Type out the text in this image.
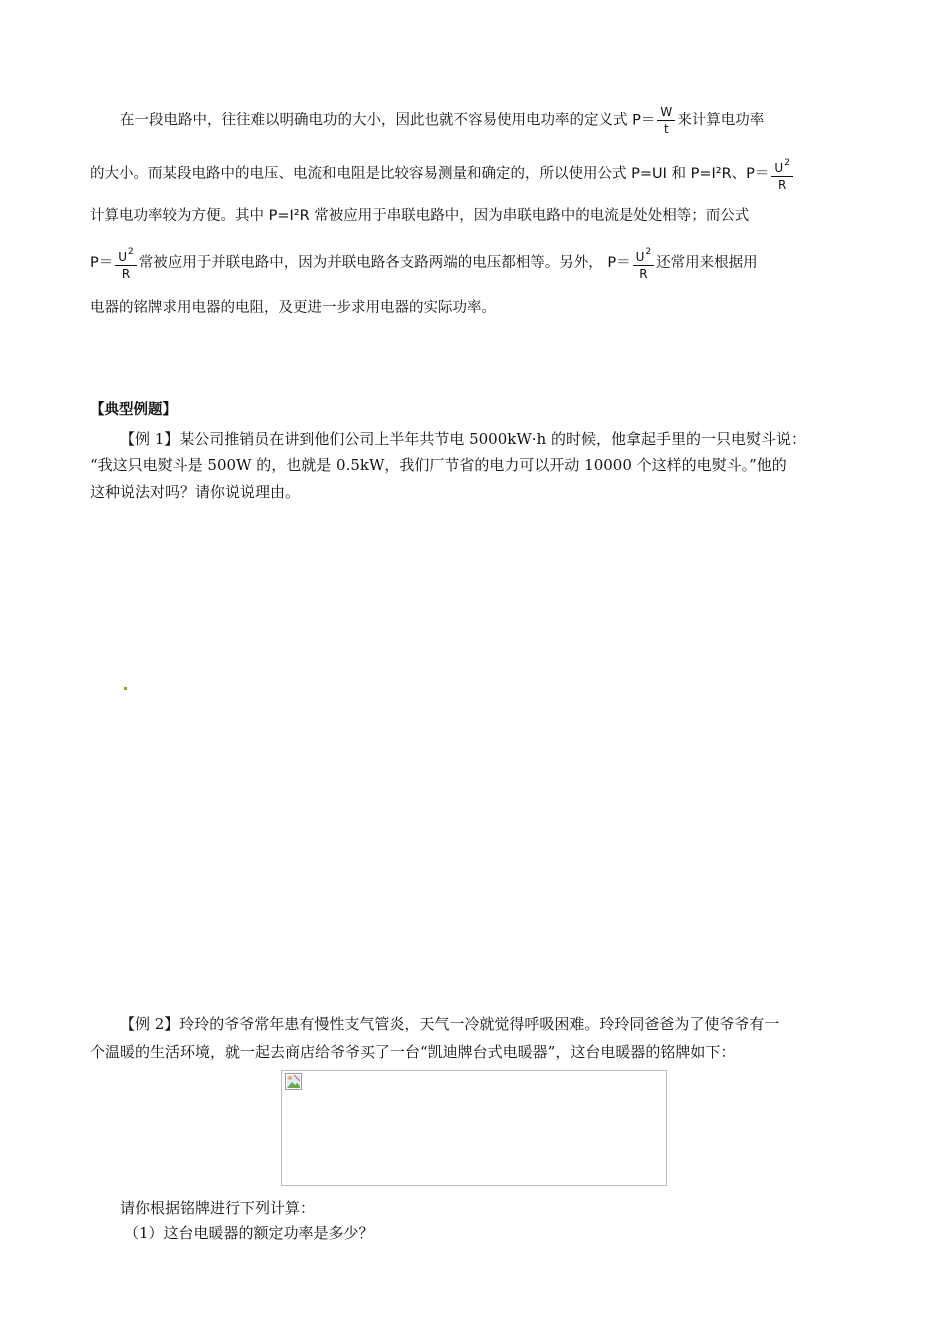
在一段电路中，往往难以明确电功的大小，因此也就不容易使用电功率的定义式 $P= \frac{W}{t}$ 来计算电功率
的大小。而某段电路中的电压、电流和电阻是比较容易测量和确定的，所以使用公式 P=UI 和 P=I²R、$P= \frac{U^2}{R}$
计算电功率较为方便。其中 P=I²R 常被应用于串联电路中，因为串联电路中的电流是处处相等；而公式
$P= \frac{U^2}{R}$ 常被应用于并联电路中，因为并联电路各支路两端的电压都相等。另外， $P= \frac{U^2}{R}$ 还常用来根据用
电器的铭牌求用电器的电阻，及更进一步求用电器的实际功率。
【典型例题】
【例 1】某公司推销员在讲到他们公司上半年共节电 5000kW·h 的时候，他拿起手里的一只电熨斗说：
“我这只电熨斗是 500W 的，也就是 0.5kW，我们厂节省的电力可以开动 10000 个这样的电熨斗。”他的
这种说法对吗？请你说说理由。
【例 2】玲玲的爷爷常年患有慢性支气管炎，天气一冷就觉得呼吸困难。玲玲同爸爸为了使爷爷有一
个温暖的生活环境，就一起去商店给爷爷买了一台“凯迪牌台式电暖器”，这台电暖器的铭牌如下：
请你根据铭牌进行下列计算：
（1）这台电暖器的额定功率是多少？
